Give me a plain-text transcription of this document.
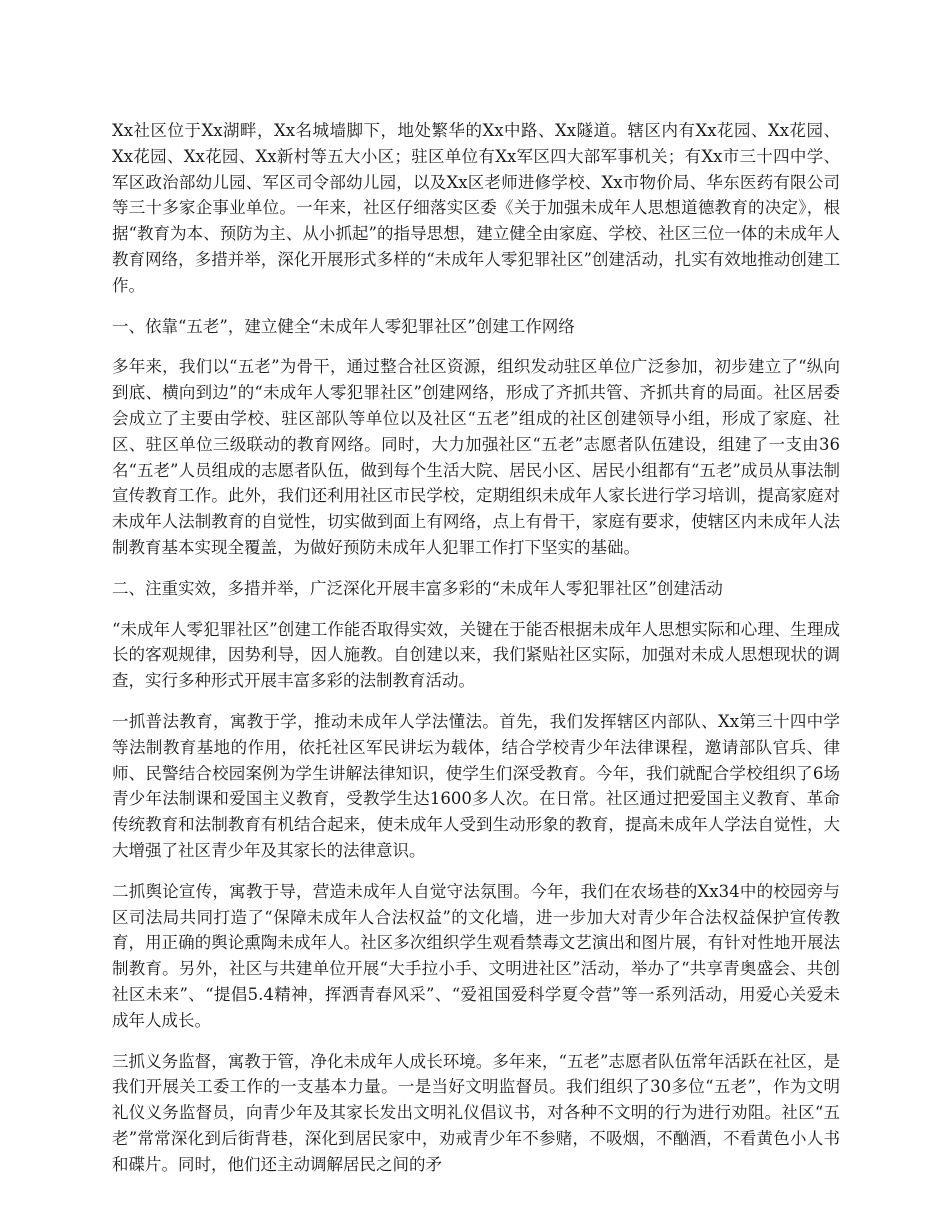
Xx社区位于Xx湖畔，Xx名城墙脚下，地处繁华的Xx中路、Xx隧道。辖区内有Xx花园、Xx花园、Xx花园、Xx花园、Xx新村等五大小区；驻区单位有Xx军区四大部军事机关；有Xx市三十四中学、军区政治部幼儿园、军区司令部幼儿园，以及Xx区老师进修学校、Xx市物价局、华东医药有限公司等三十多家企事业单位。一年来，社区仔细落实区委《关于加强未成年人思想道德教育的决定》，根据“教育为本、预防为主、从小抓起”的指导思想，建立健全由家庭、学校、社区三位一体的未成年人教育网络，多措并举，深化开展形式多样的“未成年人零犯罪社区”创建活动，扎实有效地推动创建工作。

一、依靠“五老”，建立健全“未成年人零犯罪社区”创建工作网络

多年来，我们以“五老”为骨干，通过整合社区资源，组织发动驻区单位广泛参加，初步建立了“纵向到底、横向到边”的“未成年人零犯罪社区”创建网络，形成了齐抓共管、齐抓共育的局面。社区居委会成立了主要由学校、驻区部队等单位以及社区“五老”组成的社区创建领导小组，形成了家庭、社区、驻区单位三级联动的教育网络。同时，大力加强社区“五老”志愿者队伍建设，组建了一支由36名“五老”人员组成的志愿者队伍，做到每个生活大院、居民小区、居民小组都有“五老”成员从事法制宣传教育工作。此外，我们还利用社区市民学校，定期组织未成年人家长进行学习培训，提高家庭对未成年人法制教育的自觉性，切实做到面上有网络，点上有骨干，家庭有要求，使辖区内未成年人法制教育基本实现全覆盖，为做好预防未成年人犯罪工作打下坚实的基础。

二、注重实效，多措并举，广泛深化开展丰富多彩的“未成年人零犯罪社区”创建活动

“未成年人零犯罪社区”创建工作能否取得实效，关键在于能否根据未成年人思想实际和心理、生理成长的客观规律，因势利导，因人施教。自创建以来，我们紧贴社区实际，加强对未成人思想现状的调查，实行多种形式开展丰富多彩的法制教育活动。

一抓普法教育，寓教于学，推动未成年人学法懂法。首先，我们发挥辖区内部队、Xx第三十四中学等法制教育基地的作用，依托社区军民讲坛为载体，结合学校青少年法律课程，邀请部队官兵、律师、民警结合校园案例为学生讲解法律知识，使学生们深受教育。今年，我们就配合学校组织了6场青少年法制课和爱国主义教育，受教学生达1600多人次。在日常。社区通过把爱国主义教育、革命传统教育和法制教育有机结合起来，使未成年人受到生动形象的教育，提高未成年人学法自觉性，大大增强了社区青少年及其家长的法律意识。

二抓舆论宣传，寓教于导，营造未成年人自觉守法氛围。今年，我们在农场巷的Xx34中的校园旁与区司法局共同打造了“保障未成年人合法权益”的文化墙，进一步加大对青少年合法权益保护宣传教育，用正确的舆论熏陶未成年人。社区多次组织学生观看禁毒文艺演出和图片展，有针对性地开展法制教育。另外，社区与共建单位开展“大手拉小手、文明进社区”活动，举办了“共享青奥盛会、共创社区未来”、“提倡5.4精神，挥洒青春风采”、“爱祖国爱科学夏令营”等一系列活动，用爱心关爱未成年人成长。

三抓义务监督，寓教于管，净化未成年人成长环境。多年来，“五老”志愿者队伍常年活跃在社区，是我们开展关工委工作的一支基本力量。一是当好文明监督员。我们组织了30多位“五老”，作为文明礼仪义务监督员，向青少年及其家长发出文明礼仪倡议书，对各种不文明的行为进行劝阻。社区“五老”常常深化到后街背巷，深化到居民家中，劝戒青少年不参赌，不吸烟，不酗酒，不看黄色小人书和碟片。同时，他们还主动调解居民之间的矛
